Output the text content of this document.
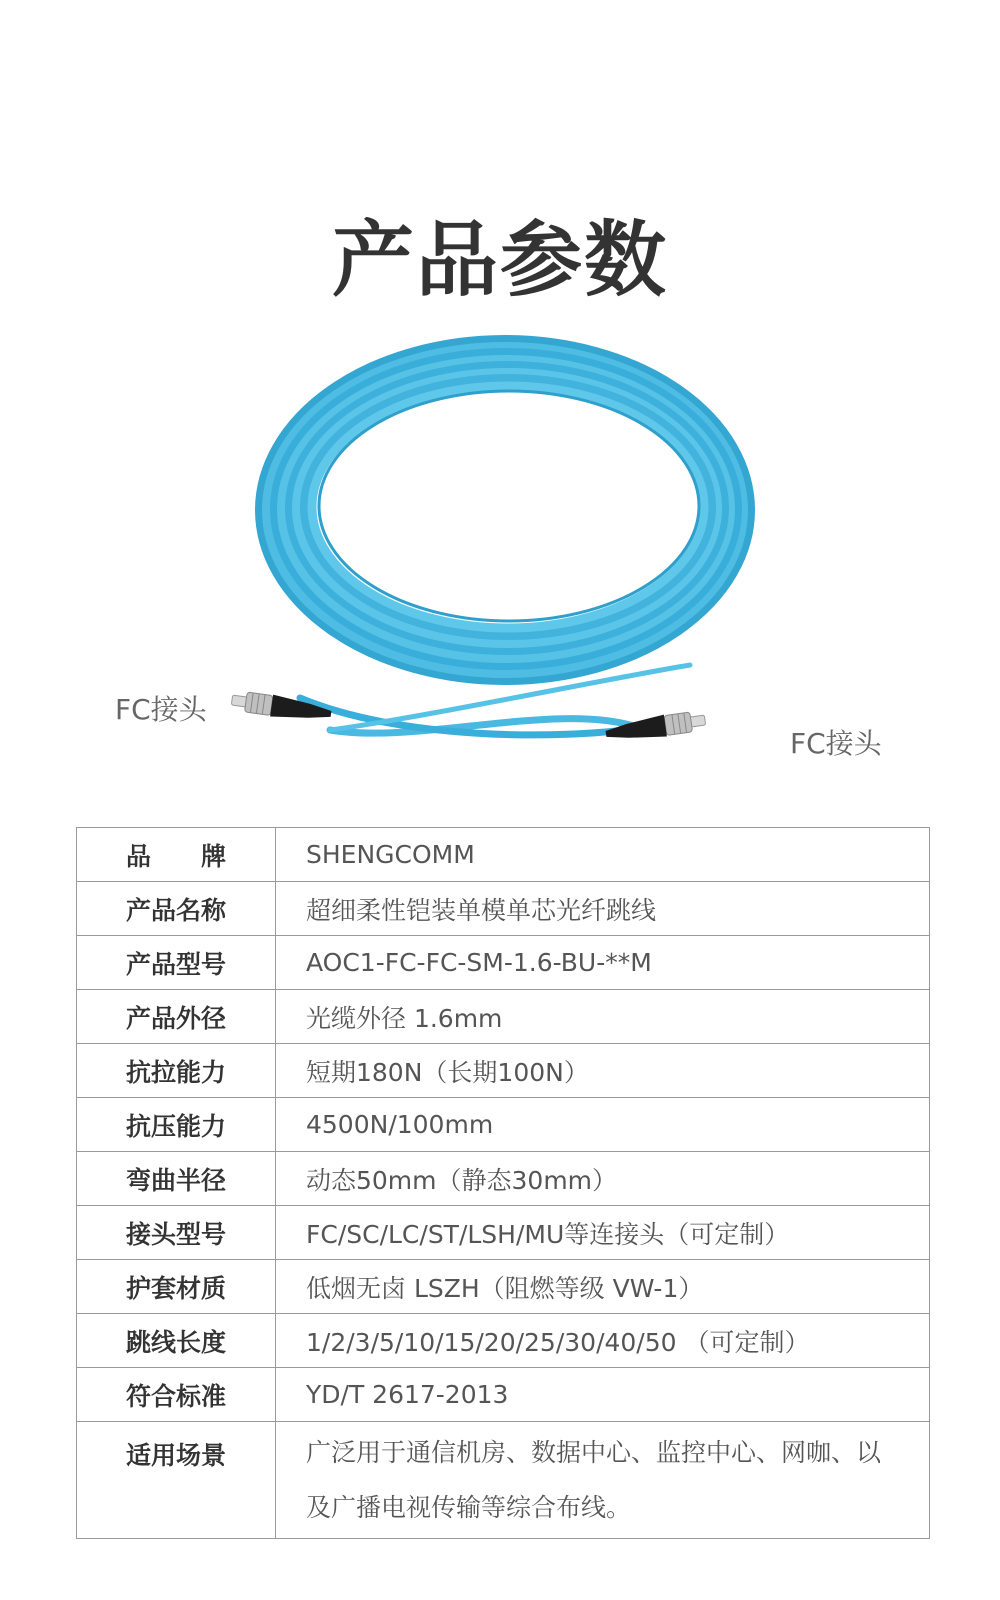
产品参数
FC接头
FC接头
品 牌	SHENGCOMM
产品名称	超细柔性铠装单模单芯光纤跳线
产品型号	AOC1-FC-FC-SM-1.6-BU-**M
产品外径	光缆外径 1.6mm
抗拉能力	短期180N（长期100N）
抗压能力	4500N/100mm
弯曲半径	动态50mm（静态30mm）
接头型号	FC/SC/LC/ST/LSH/MU等连接头（可定制）
护套材质	低烟无卤 LSZH（阻燃等级 VW-1）
跳线长度	1/2/3/5/10/15/20/25/30/40/50 （可定制）
符合标准	YD/T 2617-2013
适用场景	广泛用于通信机房、数据中心、监控中心、网咖、以及广播电视传输等综合布线。
